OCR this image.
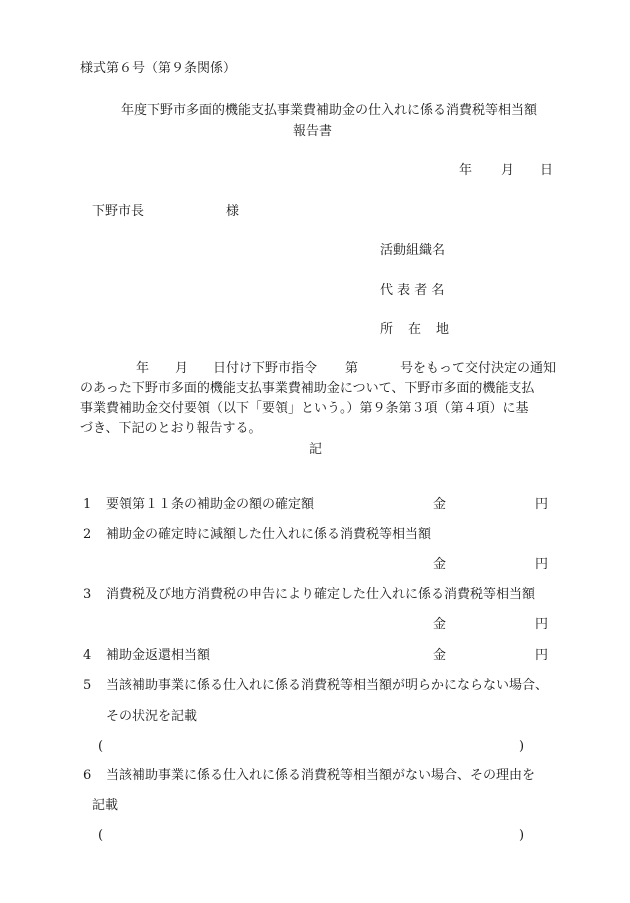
様式第６号（第９条関係）
年度下野市多面的機能支払事業費補助金の仕入れに係る消費税等相当額
報告書
年 月 日
下野市長	様
活動組織名
代 表 者 名
所 在 地
年 月 日付け下野市指令 第	号をもって交付決定の通知
のあった下野市多面的機能支払事業費補助金について、下野市多面的機能支払
事業費補助金交付要領（以下「要領」という。）第９条第３項（第４項）に基
づき、下記のとおり報告する。
記
1 要領第１１条の補助金の額の確定額	金	円
2 補助金の確定時に減額した仕入れに係る消費税等相当額
金	円
3 消費税及び地方消費税の申告により確定した仕入れに係る消費税等相当額
金	円
4 補助金返還相当額	金	円
5 当該補助事業に係る仕入れに係る消費税等相当額が明らかにならない場合、
その状況を記載
(	)
6 当該補助事業に係る仕入れに係る消費税等相当額がない場合、その理由を
記載
(	)
